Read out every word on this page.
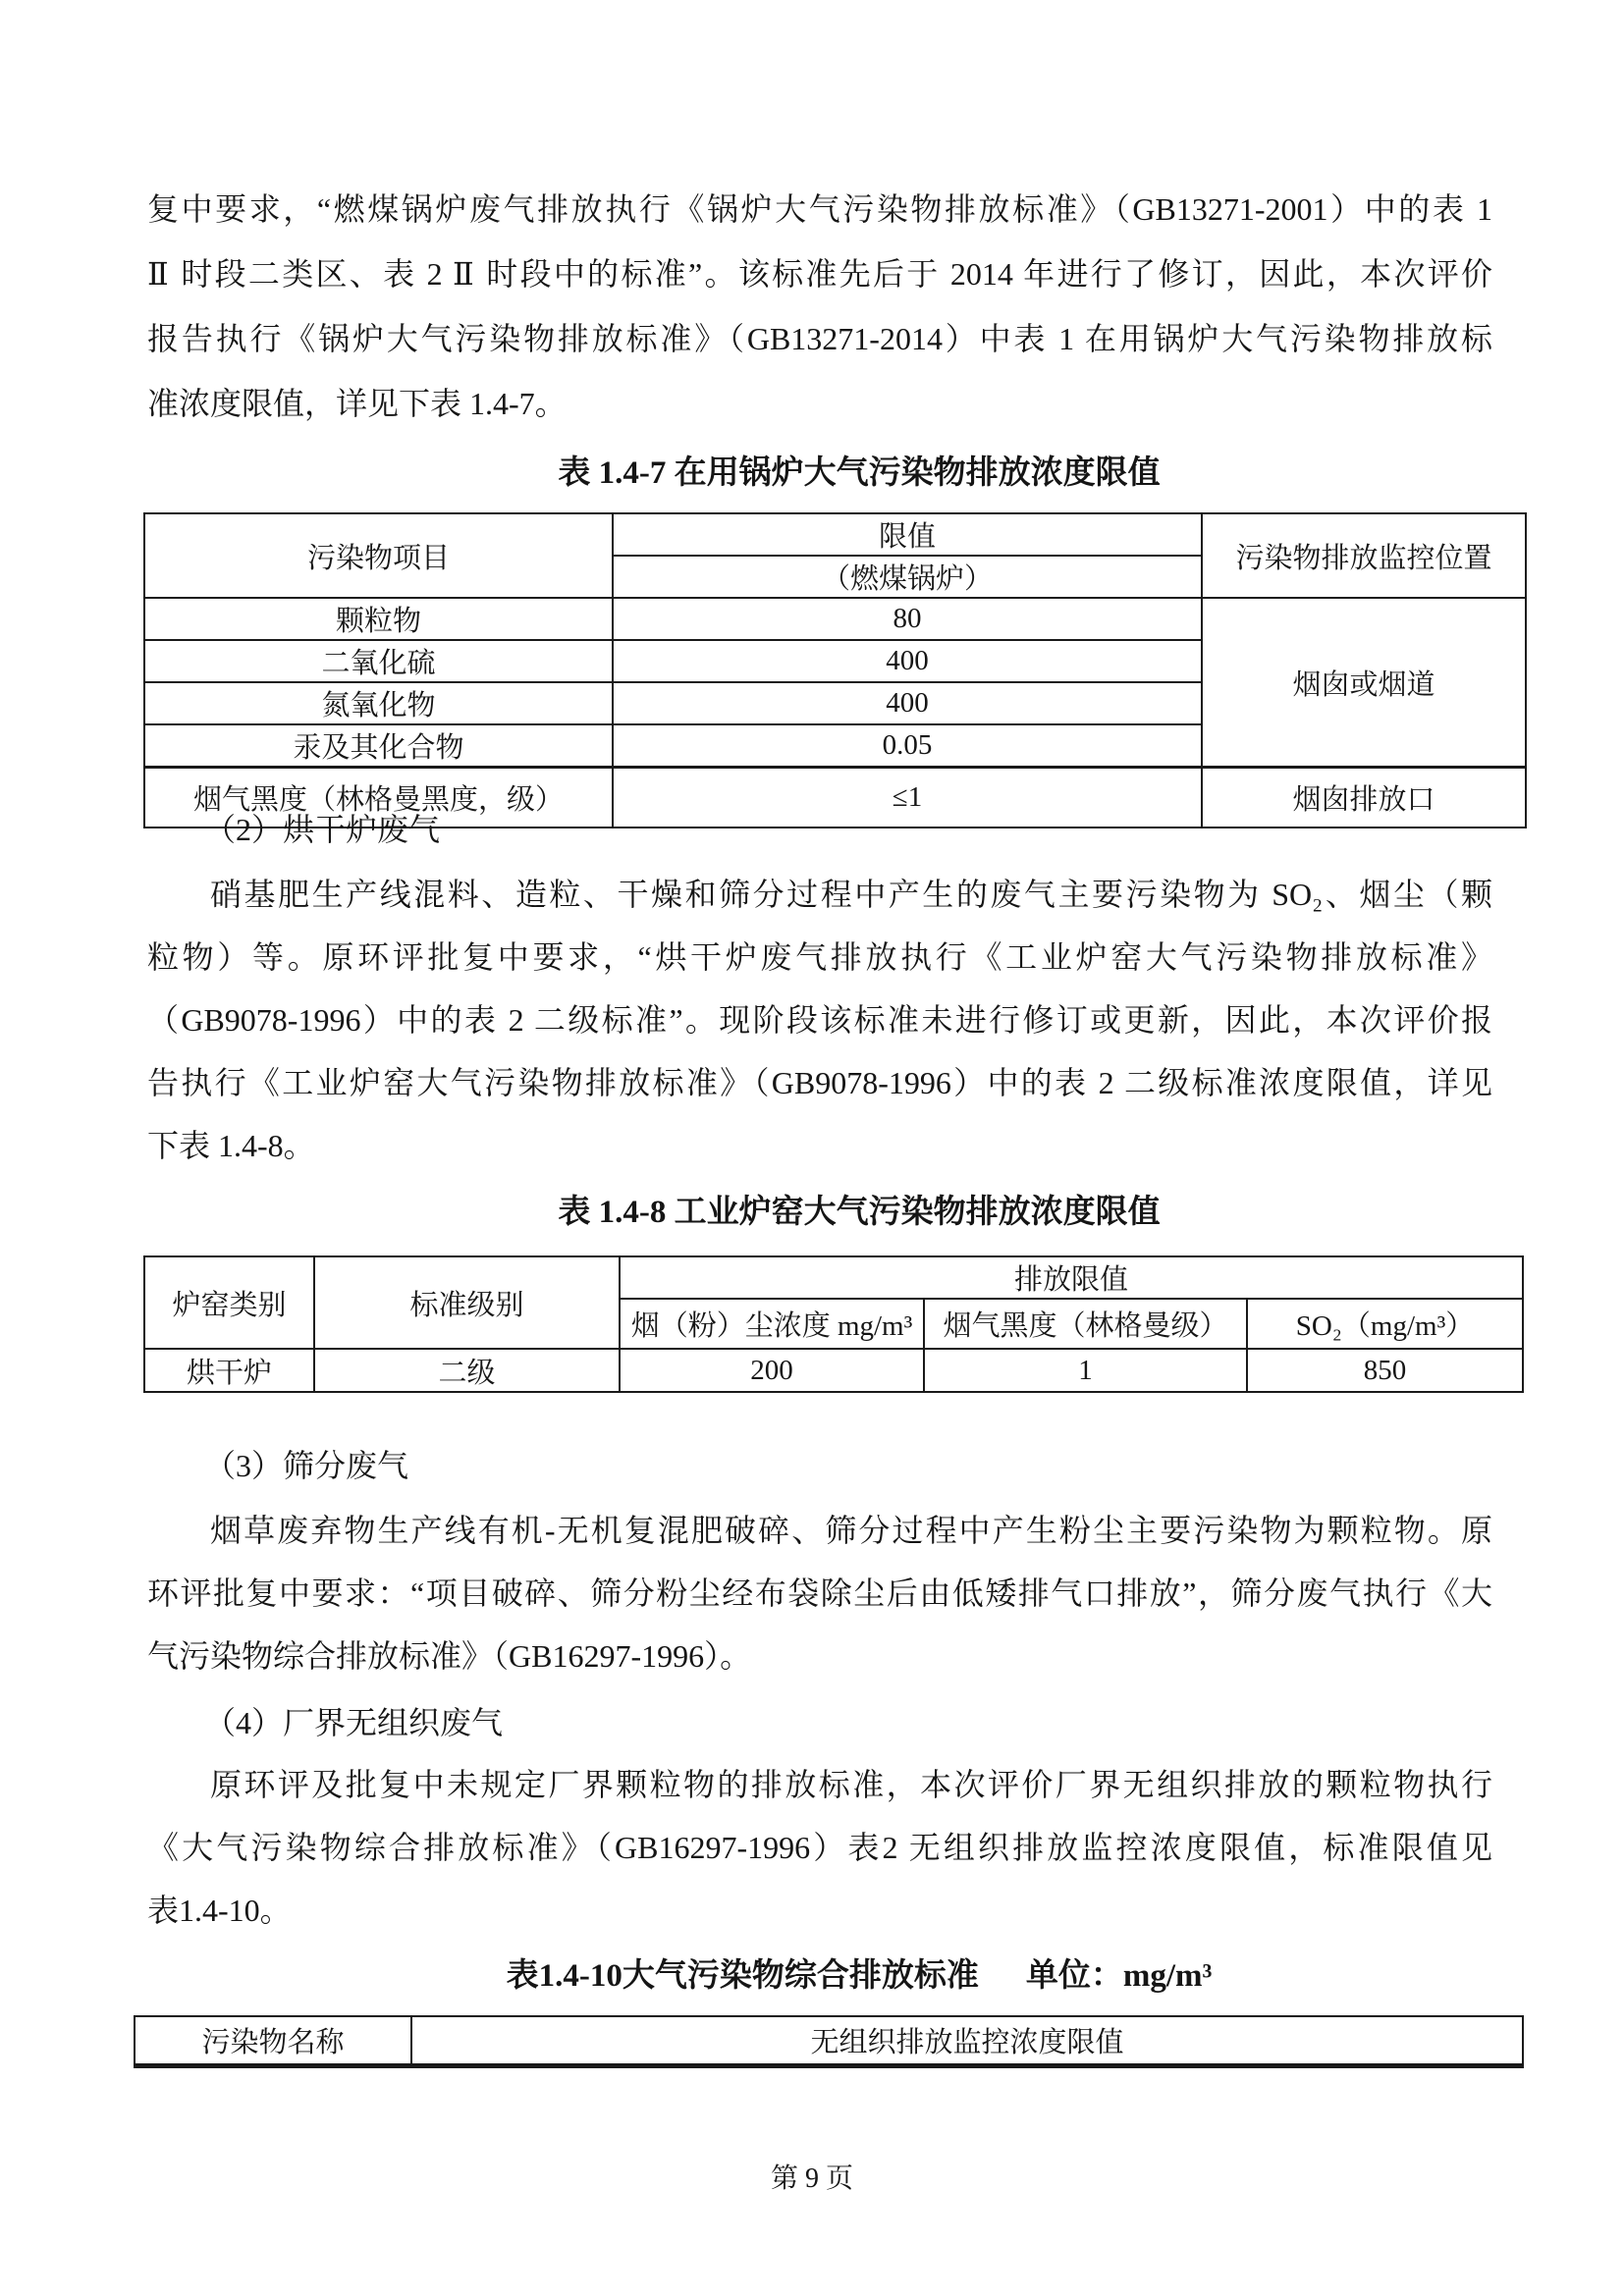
复中要求，“燃煤锅炉废气排放执行《锅炉大气污染物排放标准》（GB13271-2001）中的表 1
Ⅱ 时段二类区、表 2 Ⅱ 时段中的标准”。该标准先后于 2014 年进行了修订，因此，本次评价
报告执行《锅炉大气污染物排放标准》（GB13271-2014）中表 1 在用锅炉大气污染物排放标
准浓度限值，详见下表 1.4-7。
表 1.4-7 在用锅炉大气污染物排放浓度限值
污染物项目	限值	污染物排放监控位置
	（燃煤锅炉）	
颗粒物	80	烟囱或烟道
二氧化硫	400	
氮氧化物	400	
汞及其化合物	0.05	
烟气黑度（林格曼黑度，级）	≤1	烟囱排放口
（2）烘干炉废气
硝基肥生产线混料、造粒、干燥和筛分过程中产生的废气主要污染物为 SO₂、烟尘（颗
粒物）等。原环评批复中要求，“烘干炉废气排放执行《工业炉窑大气污染物排放标准》
（GB9078-1996）中的表 2 二级标准”。现阶段该标准未进行修订或更新，因此，本次评价报
告执行《工业炉窑大气污染物排放标准》（GB9078-1996）中的表 2 二级标准浓度限值，详见
下表 1.4-8。
表 1.4-8 工业炉窑大气污染物排放浓度限值
炉窑类别	标准级别	排放限值		
		烟（粉）尘浓度 mg/m³	烟气黑度（林格曼级）	SO₂（mg/m³）
烘干炉	二级	200	1	850
（3）筛分废气
烟草废弃物生产线有机-无机复混肥破碎、筛分过程中产生粉尘主要污染物为颗粒物。原
环评批复中要求：“项目破碎、筛分粉尘经布袋除尘后由低矮排气口排放”，筛分废气执行《大
气污染物综合排放标准》（GB16297-1996）。
（4）厂界无组织废气
原环评及批复中未规定厂界颗粒物的排放标准，本次评价厂界无组织排放的颗粒物执行
《大气污染物综合排放标准》（GB16297-1996）表2 无组织排放监控浓度限值，标准限值见
表1.4-10。
表1.4-10大气污染物综合排放标准 单位：mg/m³
污染物名称	无组织排放监控浓度限值
第 9 页
